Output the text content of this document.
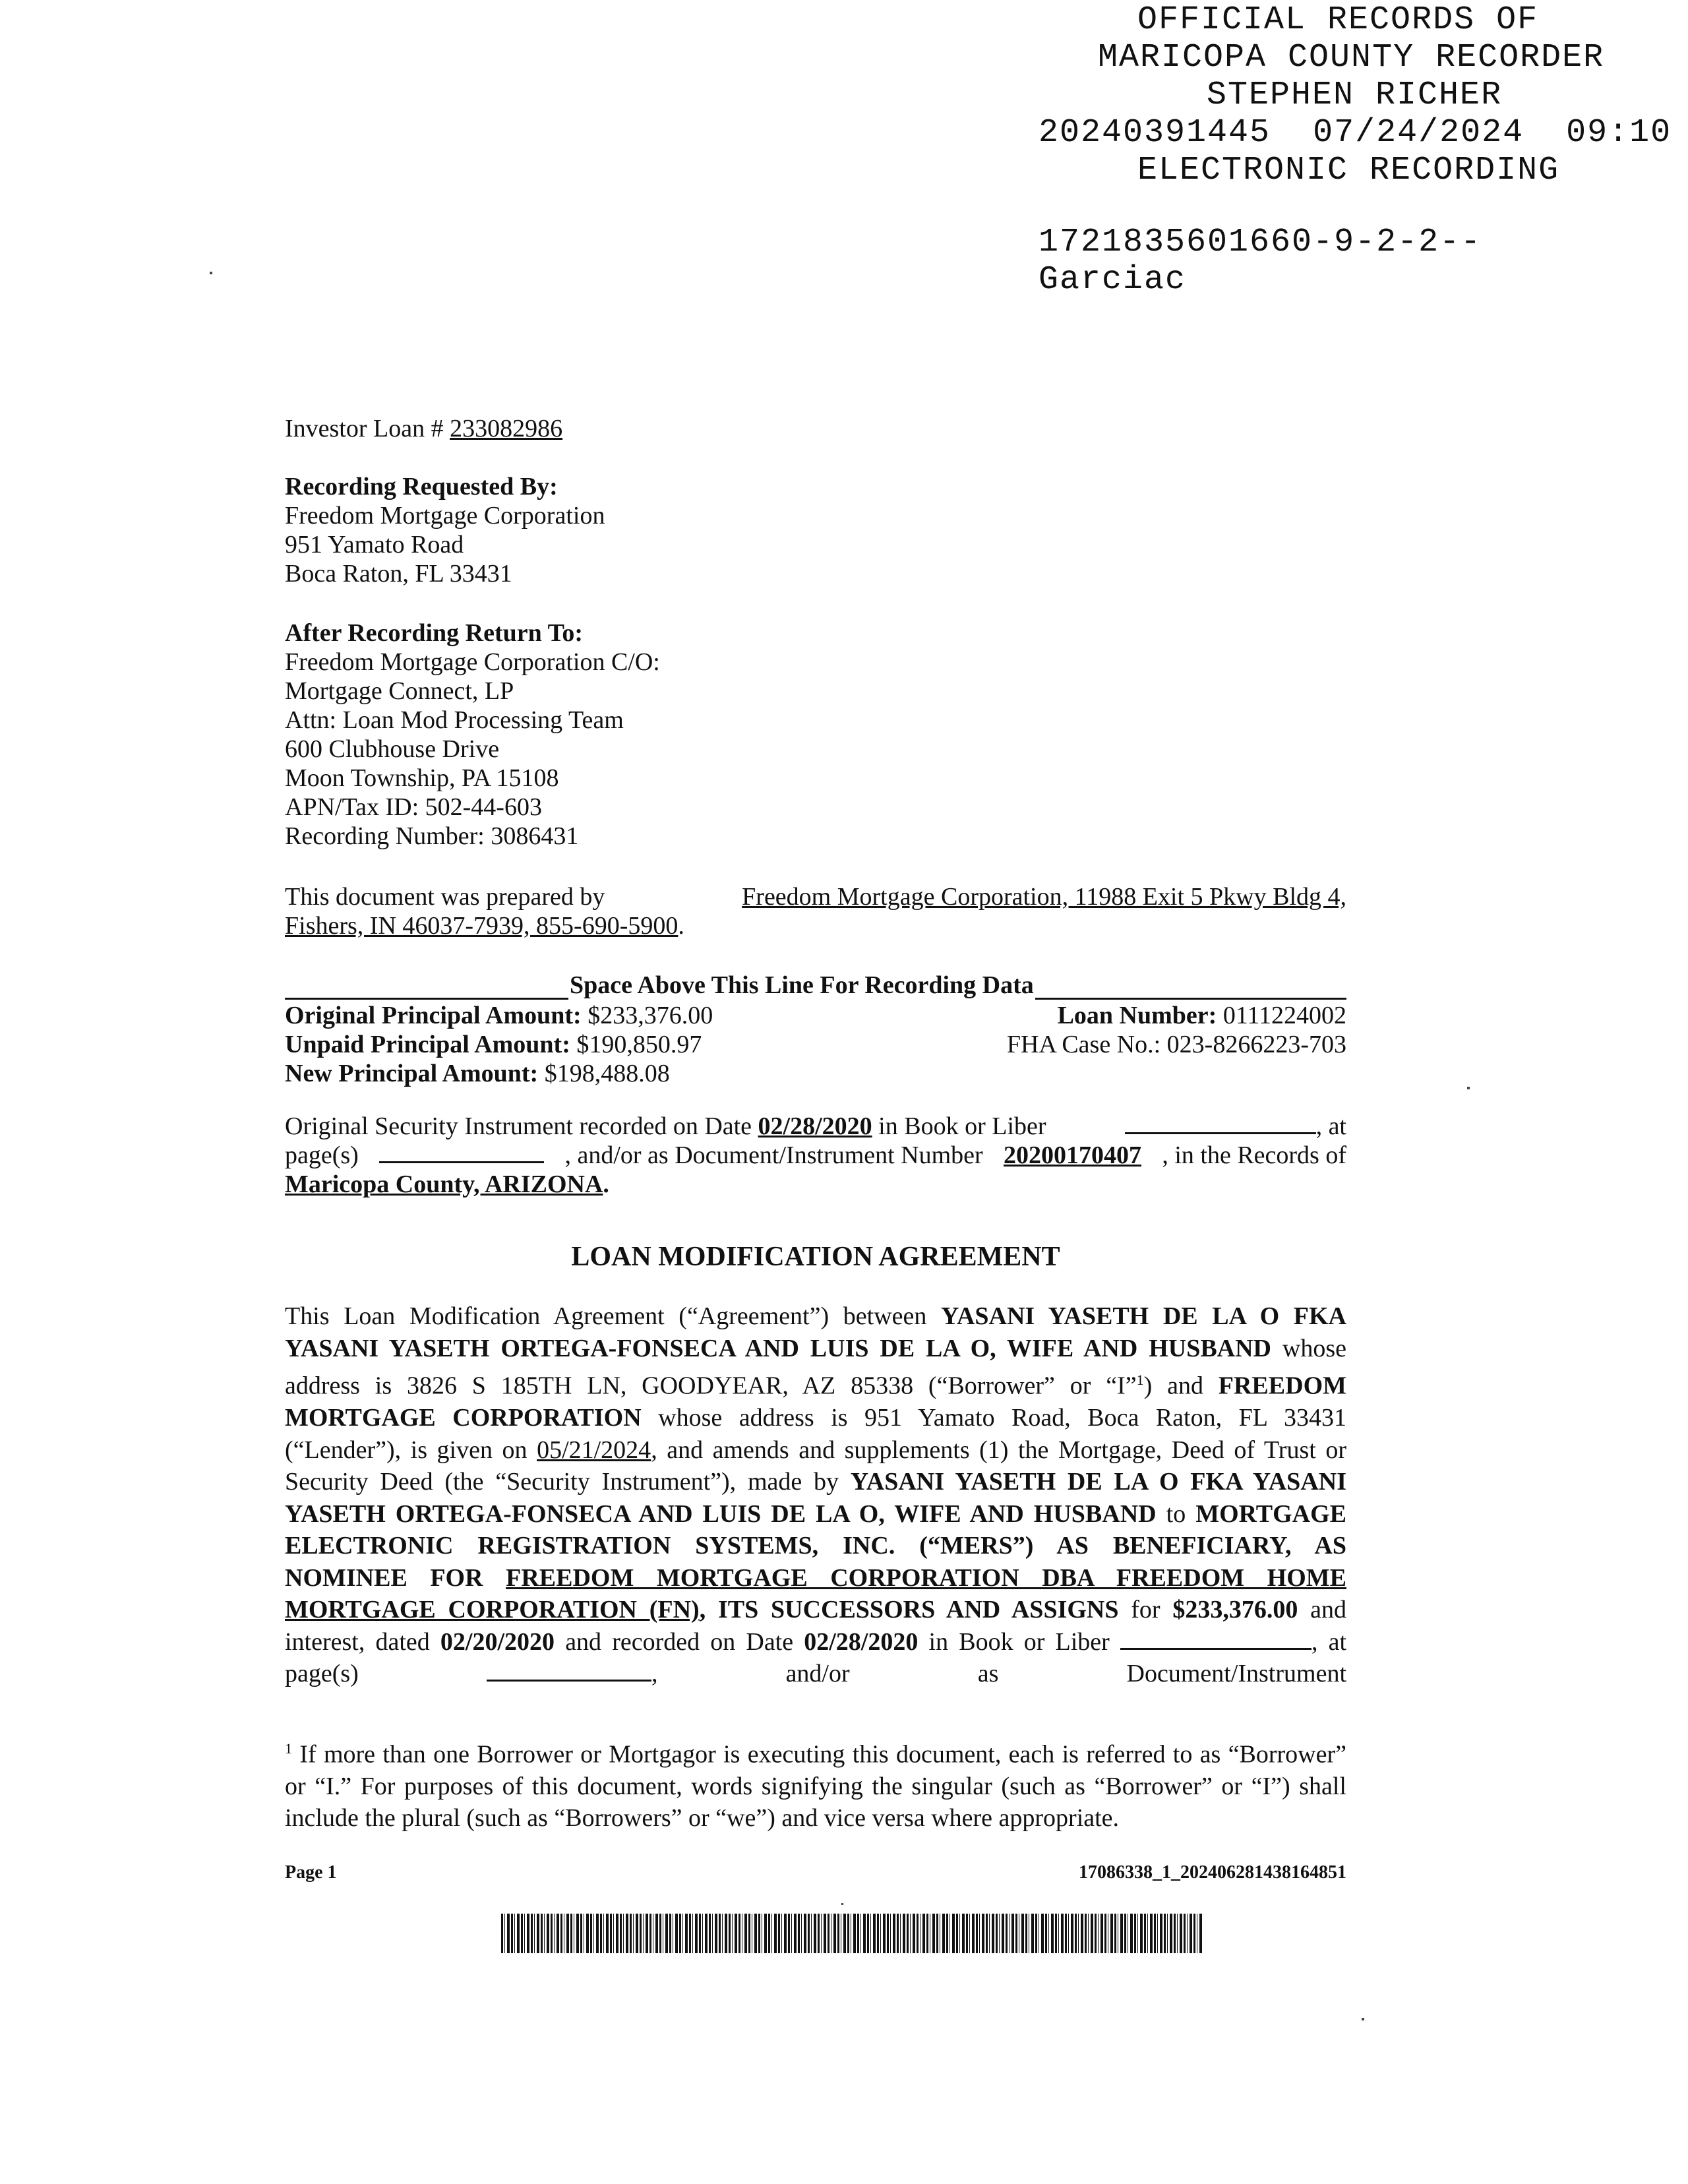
OFFICIAL RECORDS OF
MARICOPA COUNTY RECORDER
STEPHEN RICHER
20240391445 07/24/2024 09:10
ELECTRONIC RECORDING
1721835601660-9-2-2--
Garciac
Investor Loan # 233082986
Recording Requested By:
Freedom Mortgage Corporation
951 Yamato Road
Boca Raton, FL 33431
After Recording Return To:
Freedom Mortgage Corporation C/O:
Mortgage Connect, LP
Attn: Loan Mod Processing Team
600 Clubhouse Drive
Moon Township, PA 15108
APN/Tax ID: 502-44-603
Recording Number: 3086431
This document was prepared by	Freedom Mortgage Corporation, 11988 Exit 5 Pkwy Bldg 4,
Fishers, IN 46037-7939, 855-690-5900.
Space Above This Line For Recording Data
Original Principal Amount: $233,376.00	Loan Number: 0111224002
Unpaid Principal Amount: $190,850.97	FHA Case No.: 023-8266223-703
New Principal Amount: $198,488.08
Original Security Instrument recorded on Date 02/28/2020 in Book or Liber	, at
page(s)	, and/or as Document/Instrument Number 20200170407 , in the Records of
Maricopa County, ARIZONA.
LOAN MODIFICATION AGREEMENT
This Loan Modification Agreement (“Agreement”) between YASANI YASETH DE LA O FKA YASANI YASETH ORTEGA-FONSECA AND LUIS DE LA O, WIFE AND HUSBAND whose address is 3826 S 185TH LN, GOODYEAR, AZ 85338 (“Borrower” or “I”$^1$) and FREEDOM MORTGAGE CORPORATION whose address is 951 Yamato Road, Boca Raton, FL 33431 (“Lender”), is given on 05/21/2024, and amends and supplements (1) the Mortgage, Deed of Trust or Security Deed (the “Security Instrument”), made by YASANI YASETH DE LA O FKA YASANI YASETH ORTEGA-FONSECA AND LUIS DE LA O, WIFE AND HUSBAND to MORTGAGE ELECTRONIC REGISTRATION SYSTEMS, INC. (“MERS”) AS BENEFICIARY, AS NOMINEE FOR FREEDOM MORTGAGE CORPORATION DBA FREEDOM HOME MORTGAGE CORPORATION (FN), ITS SUCCESSORS AND ASSIGNS for $233,376.00 and interest, dated 02/20/2020 and recorded on Date 02/28/2020 in Book or Liber	, at page(s)	, and/or as Document/Instrument
$^1$ If more than one Borrower or Mortgagor is executing this document, each is referred to as “Borrower” or “I.” For purposes of this document, words signifying the singular (such as “Borrower” or “I”) shall include the plural (such as “Borrowers” or “we”) and vice versa where appropriate.
Page 1	17086338_1_202406281438164851
